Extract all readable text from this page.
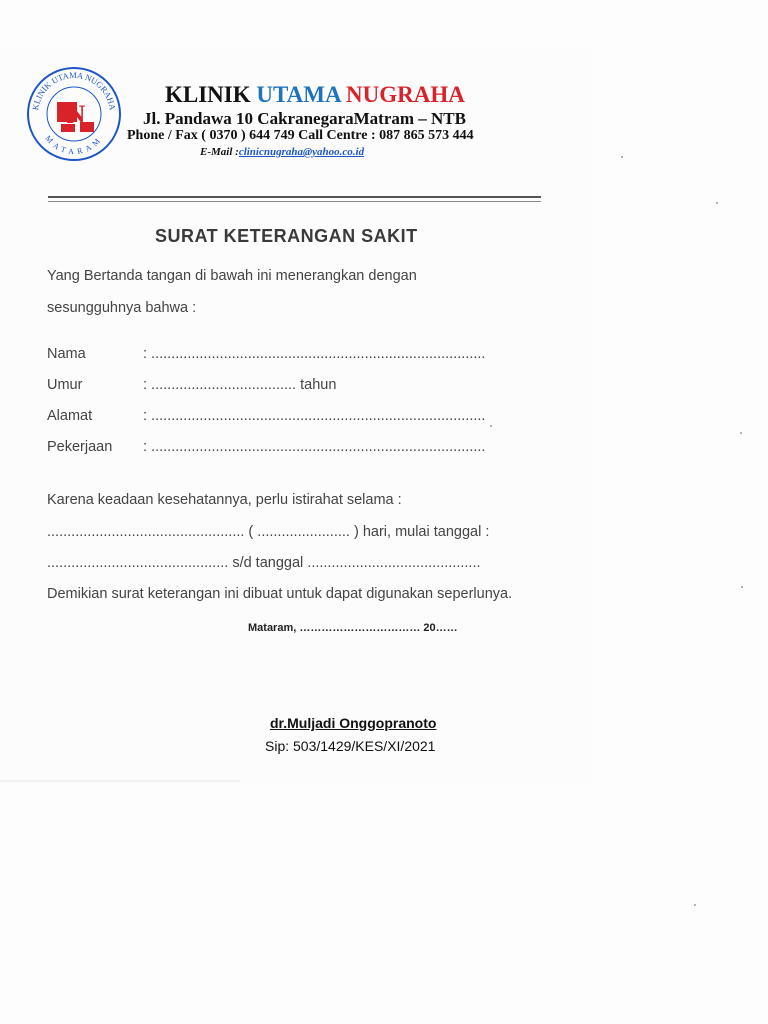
KLINIK UTAMA NUGRAHA
MATARAM
N
KLINIK UTAMA NUGRAHA
Jl. Pandawa 10 CakranegaraMatram – NTB
Phone / Fax ( 0370 ) 644 749 Call Centre : 087 865 573 444
E-Mail :clinicnugraha@yahoo.co.id
SURAT KETERANGAN SAKIT
Yang Bertanda tangan di bawah ini menerangkan dengan
sesungguhnya bahwa :
Nama	: ...................................................................................
Umur	: .................................... tahun
Alamat	: ...................................................................................
Pekerjaan : ...................................................................................
Karena keadaan kesehatannya, perlu istirahat selama :
................................................. ( ....................... ) hari, mulai tanggal :
............................................. s/d tanggal ...........................................
Demikian surat keterangan ini dibuat untuk dapat digunakan seperlunya.
Mataram, …………………………… 20……
dr.Muljadi Onggopranoto
Sip: 503/1429/KES/XI/2021
